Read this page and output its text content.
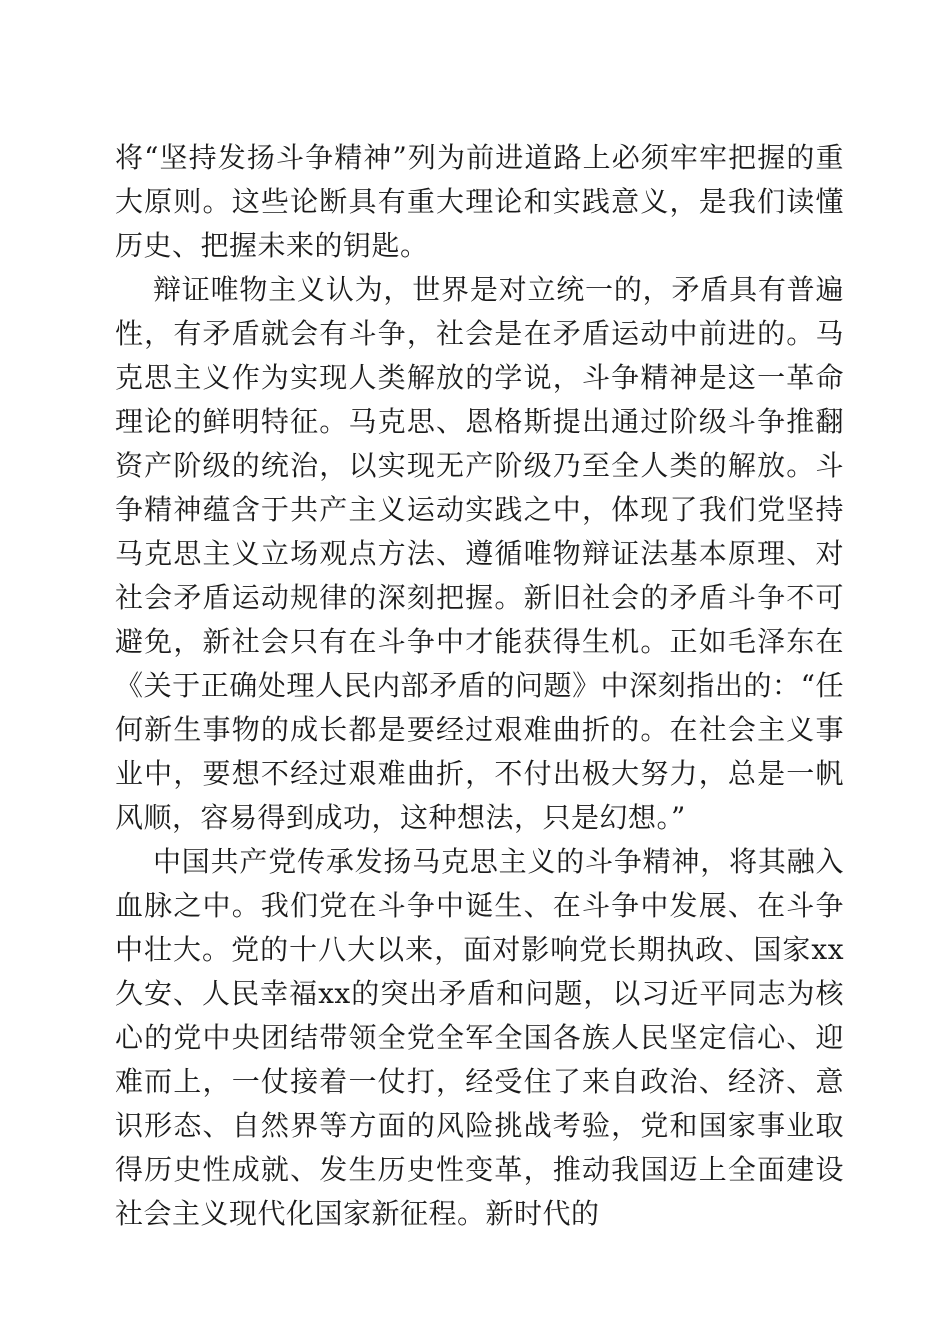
将“坚持发扬斗争精神”列为前进道路上必须牢牢把握的重大原则。这些论断具有重大理论和实践意义，是我们读懂历史、把握未来的钥匙。

辩证唯物主义认为，世界是对立统一的，矛盾具有普遍性，有矛盾就会有斗争，社会是在矛盾运动中前进的。马克思主义作为实现人类解放的学说，斗争精神是这一革命理论的鲜明特征。马克思、恩格斯提出通过阶级斗争推翻资产阶级的统治，以实现无产阶级乃至全人类的解放。斗争精神蕴含于共产主义运动实践之中，体现了我们党坚持马克思主义立场观点方法、遵循唯物辩证法基本原理、对社会矛盾运动规律的深刻把握。新旧社会的矛盾斗争不可避免，新社会只有在斗争中才能获得生机。正如毛泽东在《关于正确处理人民内部矛盾的问题》中深刻指出的：“任何新生事物的成长都是要经过艰难曲折的。在社会主义事业中，要想不经过艰难曲折，不付出极大努力，总是一帆风顺，容易得到成功，这种想法，只是幻想。”

中国共产党传承发扬马克思主义的斗争精神，将其融入血脉之中。我们党在斗争中诞生、在斗争中发展、在斗争中壮大。党的十八大以来，面对影响党长期执政、国家xx久安、人民幸福xx的突出矛盾和问题，以习近平同志为核心的党中央团结带领全党全军全国各族人民坚定信心、迎难而上，一仗接着一仗打，经受住了来自政治、经济、意识形态、自然界等方面的风险挑战考验，党和国家事业取得历史性成就、发生历史性变革，推动我国迈上全面建设社会主义现代化国家新征程。新时代的
